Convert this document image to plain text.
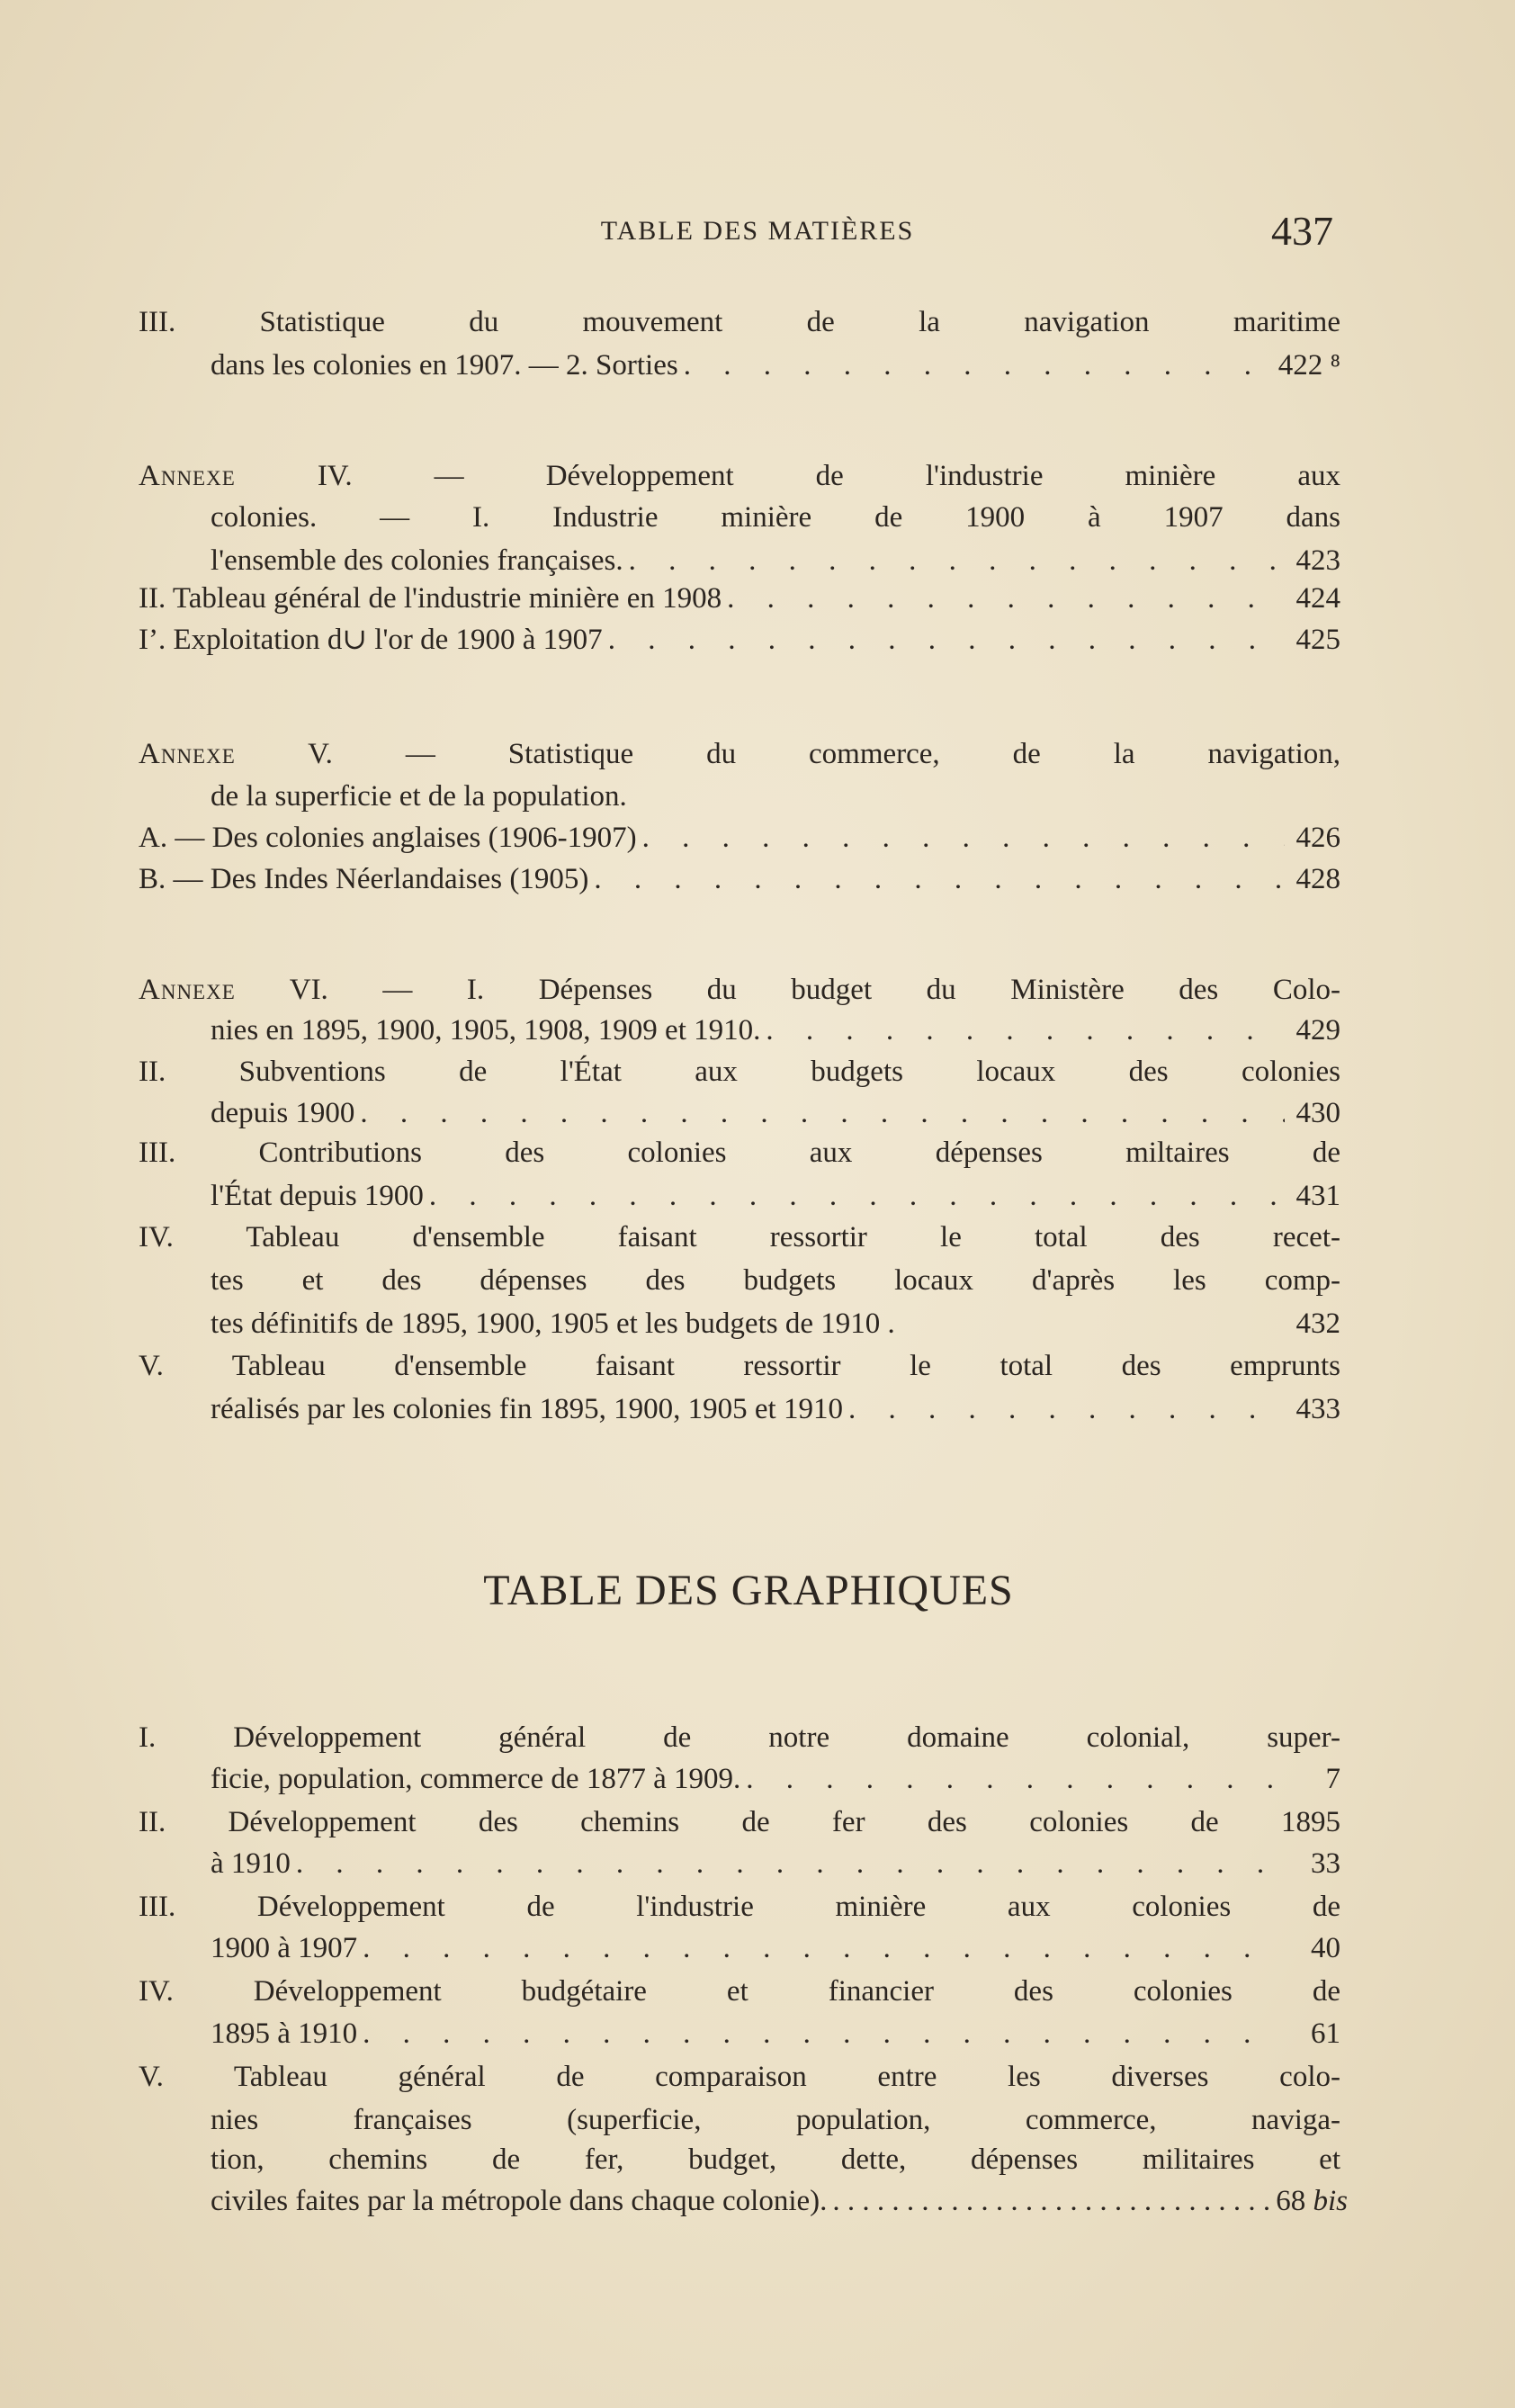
TABLE DES MATIÈRES	437
III. Statistique du mouvement de la navigation maritime
dans les colonies en 1907. — 2. Sorties . . .	422 ⁸
Annexe	IV. — Développement de l'industrie minière aux
colonies. — I. Industrie minière de 1900 à 1907 dans
l'ensemble des colonies françaises. . . .	423
II. Tableau général de l'industrie minière en 1908 . . .	424
I’. Exploitation d∪ l'or de 1900 à 1907 . . .	425
Annexe V. — Statistique du commerce, de la navigation,
de la superficie et de la population.
A. — Des colonies anglaises (1906-1907) . . .	426
B. — Des Indes Néerlandaises (1905) . . .	428
Annexe VI. — I. Dépenses du budget du Ministère des Colo-
nies en 1895, 1900, 1905, 1908, 1909 et 1910. . . .	429
II. Subventions de l'État aux budgets locaux des colonies
depuis 1900 . . .	430
III. Contributions des colonies aux dépenses miltaires de
l'État depuis 1900 . . .	431
IV. Tableau d'ensemble faisant ressortir le total des recet-
tes et des dépenses des budgets locaux d'après les comp-
tes définitifs de 1895, 1900, 1905 et les budgets de 1910 .	432
V. Tableau d'ensemble faisant ressortir le total des emprunts
réalisés par les colonies fin 1895, 1900, 1905 et 1910 . . .	433
TABLE DES GRAPHIQUES
I. Développement général de notre domaine colonial, super-
ficie, population, commerce de 1877 à 1909. . . .	7
II. Développement des chemins de fer des colonies de 1895
à 1910 . . .	33
III. Développement de l'industrie minière aux colonies de
1900 à 1907 . . .	40
IV. Développement budgétaire et financier des colonies de
1895 à 1910 . . .	61
V. Tableau général de comparaison entre les diverses colo-
nies françaises (superficie, population, commerce, naviga-
tion, chemins de fer, budget, dette, dépenses militaires et
civiles faites par la métropole dans chaque colonie). . . .	68 bis
